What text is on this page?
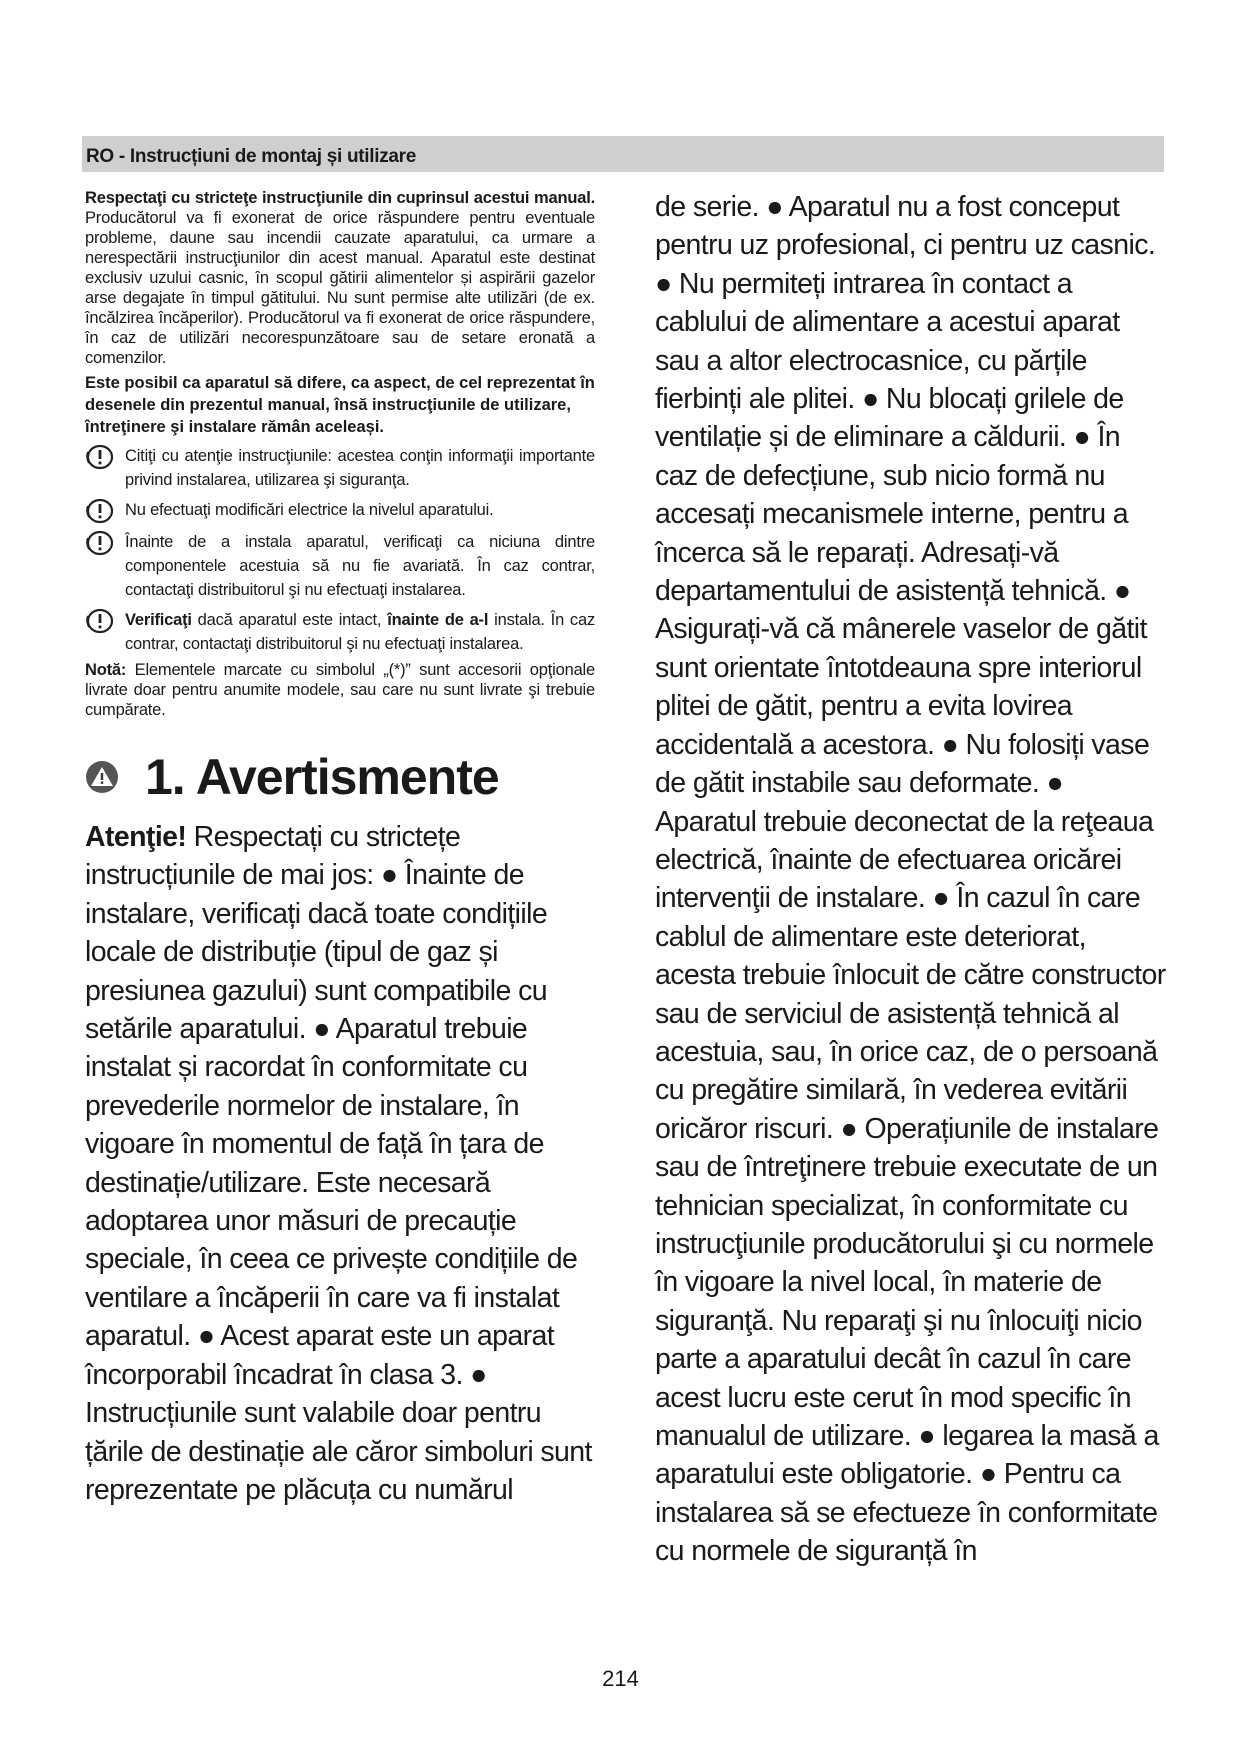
RO - Instrucțiuni de montaj și utilizare
Respectaţi cu stricteţe instrucţiunile din cuprinsul acestui manual. Producătorul va fi exonerat de orice răspundere pentru eventuale probleme, daune sau incendii cauzate aparatului, ca urmare a nerespectării instrucţiunilor din acest manual. Aparatul este destinat exclusiv uzului casnic, în scopul gătirii alimentelor și aspirării gazelor arse degajate în timpul gătitului. Nu sunt permise alte utilizări (de ex. încălzirea încăperilor). Producătorul va fi exonerat de orice răspundere, în caz de utilizări necorespunzătoare sau de setare eronată a comenzilor.
Este posibil ca aparatul să difere, ca aspect, de cel reprezentat în desenele din prezentul manual, însă instrucţiunile de utilizare, întreţinere şi instalare rămân aceleași.
Citiţi cu atenţie instrucţiunile: acestea conţin informaţii importante privind instalarea, utilizarea şi siguranţa.
Nu efectuaţi modificări electrice la nivelul aparatului.
Înainte de a instala aparatul, verificaţi ca niciuna dintre componentele acestuia să nu fie avariată. În caz contrar, contactaţi distribuitorul şi nu efectuaţi instalarea.
Verificaţi dacă aparatul este intact, înainte de a-l instala. În caz contrar, contactaţi distribuitorul şi nu efectuaţi instalarea.
Notă: Elementele marcate cu simbolul „(*)” sunt accesorii opţionale livrate doar pentru anumite modele, sau care nu sunt livrate şi trebuie cumpărate.
1. Avertismente
Atenţie! Respectați cu strictețe instrucțiunile de mai jos: ● Înainte de instalare, verificați dacă toate condițiile locale de distribuție (tipul de gaz și presiunea gazului) sunt compatibile cu setările aparatului. ● Aparatul trebuie instalat și racordat în conformitate cu prevederile normelor de instalare, în vigoare în momentul de față în țara de destinație/utilizare. Este necesară adoptarea unor măsuri de precauție speciale, în ceea ce privește condițiile de ventilare a încăperii în care va fi instalat aparatul. ● Acest aparat este un aparat încorporabil încadrat în clasa 3. ● Instrucțiunile sunt valabile doar pentru țările de destinație ale căror simboluri sunt reprezentate pe plăcuța cu numărul
de serie. ● Aparatul nu a fost conceput pentru uz profesional, ci pentru uz casnic. ● Nu permiteți intrarea în contact a cablului de alimentare a acestui aparat sau a altor electrocasnice, cu părțile fierbinți ale plitei. ● Nu blocați grilele de ventilație și de eliminare a căldurii. ● În caz de defecțiune, sub nicio formă nu accesați mecanismele interne, pentru a încerca să le reparați. Adresați-vă departamentului de asistență tehnică. ● Asigurați-vă că mânerele vaselor de gătit sunt orientate întotdeauna spre interiorul plitei de gătit, pentru a evita lovirea accidentală a acestora. ● Nu folosiți vase de gătit instabile sau deformate. ● Aparatul trebuie deconectat de la reţeaua electrică, înainte de efectuarea oricărei intervenţii de instalare. ● În cazul în care cablul de alimentare este deteriorat, acesta trebuie înlocuit de către constructor sau de serviciul de asistență tehnică al acestuia, sau, în orice caz, de o persoană cu pregătire similară, în vederea evitării oricăror riscuri. ● Operațiunile de instalare sau de întreţinere trebuie executate de un tehnician specializat, în conformitate cu instrucţiunile producătorului şi cu normele în vigoare la nivel local, în materie de siguranţă. Nu reparaţi şi nu înlocuiţi nicio parte a aparatului decât în cazul în care acest lucru este cerut în mod specific în manualul de utilizare. ● legarea la masă a aparatului este obligatorie. ● Pentru ca instalarea să se efectueze în conformitate cu normele de siguranță în
214
